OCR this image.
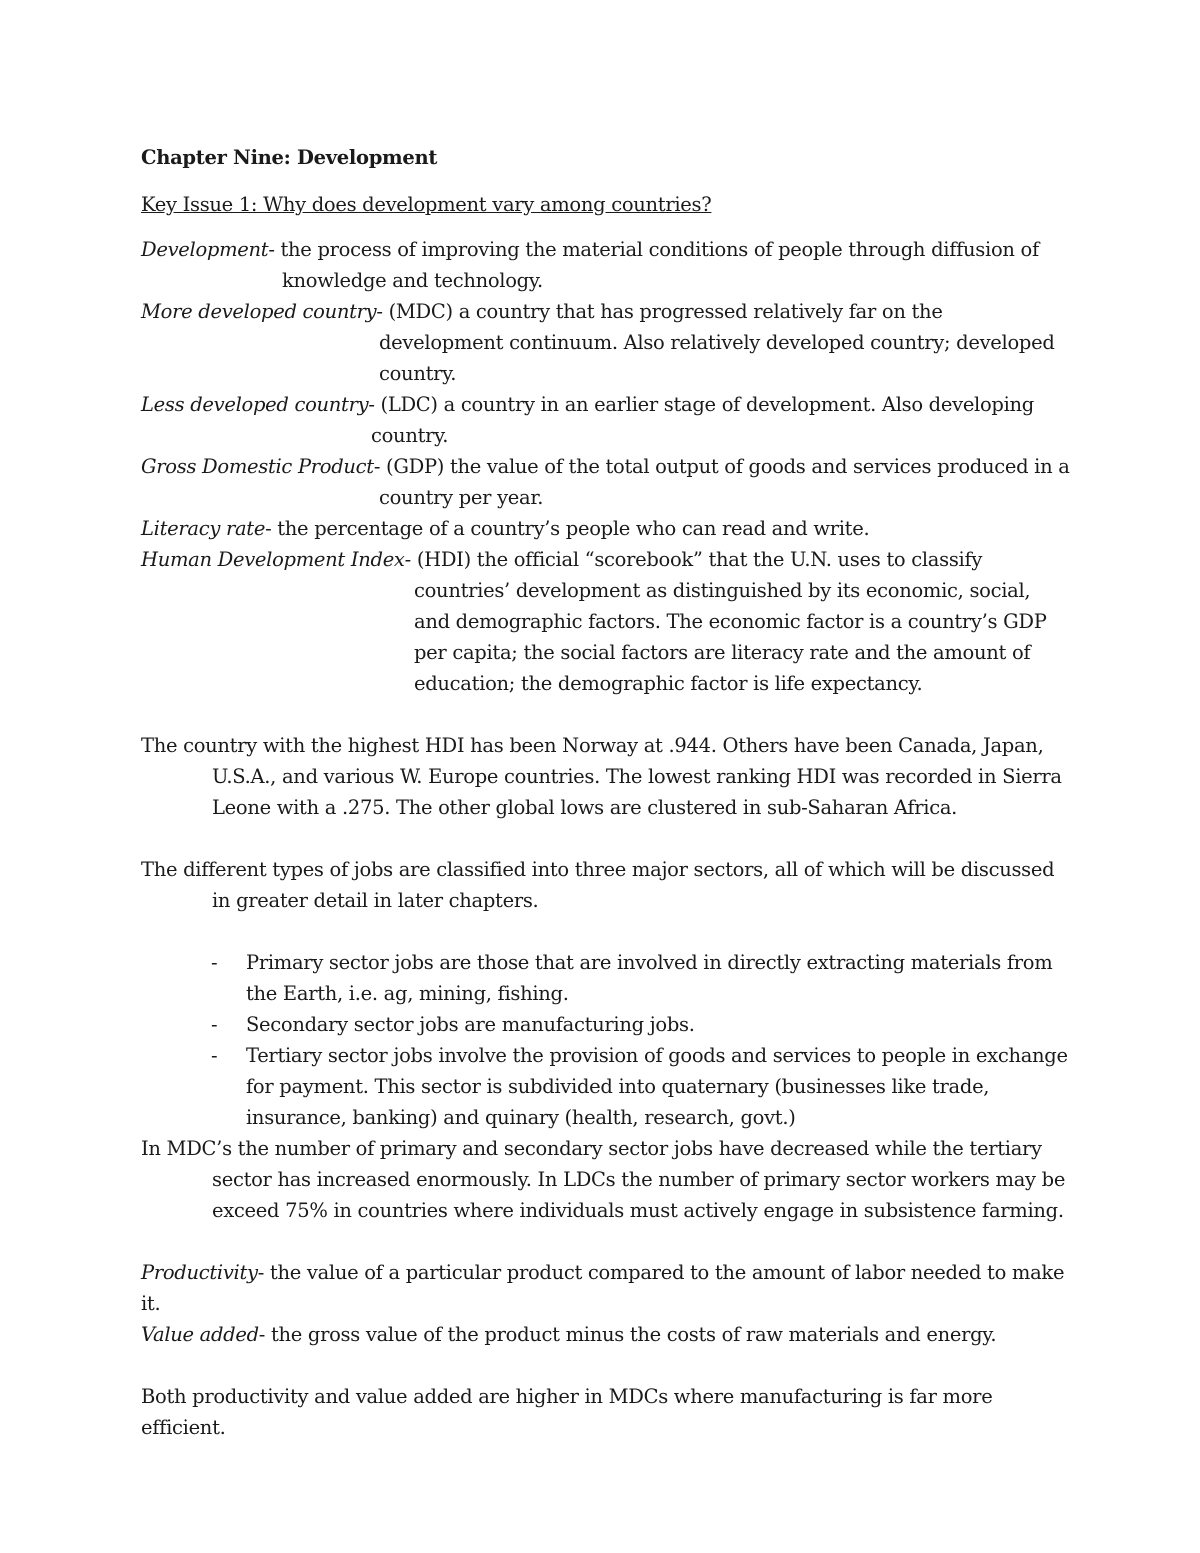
Chapter Nine: Development

Key Issue 1: Why does development vary among countries?

Development- the process of improving the material conditions of people through diffusion of knowledge and technology.

More developed country- (MDC) a country that has progressed relatively far on the development continuum. Also relatively developed country; developed country.

Less developed country- (LDC) a country in an earlier stage of development. Also developing country.

Gross Domestic Product- (GDP) the value of the total output of goods and services produced in a country per year.

Literacy rate- the percentage of a country’s people who can read and write.

Human Development Index- (HDI) the official “scorebook” that the U.N. uses to classify countries’ development as distinguished by its economic, social, and demographic factors. The economic factor is a country’s GDP per capita; the social factors are literacy rate and the amount of education; the demographic factor is life expectancy.

The country with the highest HDI has been Norway at .944. Others have been Canada, Japan, U.S.A., and various W. Europe countries. The lowest ranking HDI was recorded in Sierra Leone with a .275. The other global lows are clustered in sub-Saharan Africa.

The different types of jobs are classified into three major sectors, all of which will be discussed in greater detail in later chapters.

- Primary sector jobs are those that are involved in directly extracting materials from the Earth, i.e. ag, mining, fishing.
- Secondary sector jobs are manufacturing jobs.
- Tertiary sector jobs involve the provision of goods and services to people in exchange for payment. This sector is subdivided into quaternary (businesses like trade, insurance, banking) and quinary (health, research, govt.)

In MDC’s the number of primary and secondary sector jobs have decreased while the tertiary sector has increased enormously. In LDCs the number of primary sector workers may be exceed 75% in countries where individuals must actively engage in subsistence farming.

Productivity- the value of a particular product compared to the amount of labor needed to make it.

Value added- the gross value of the product minus the costs of raw materials and energy.

Both productivity and value added are higher in MDCs where manufacturing is far more efficient.
